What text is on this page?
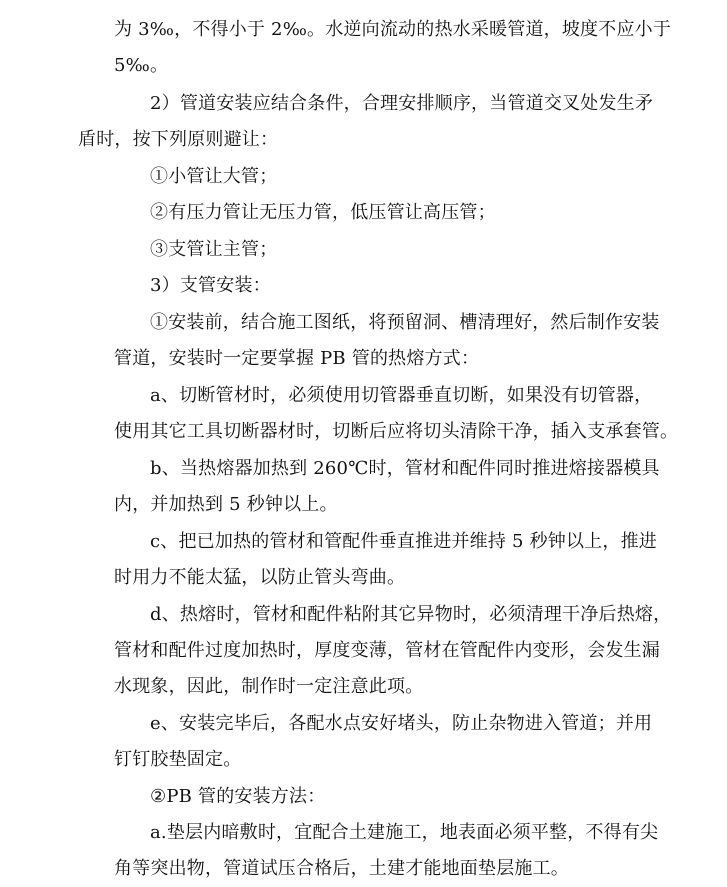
为 3‰，不得小于 2‰。水逆向流动的热水采暖管道，坡度不应小于
5‰。

2）管道安装应结合条件，合理安排顺序，当管道交叉处发生矛
盾时，按下列原则避让：

①小管让大管；

②有压力管让无压力管，低压管让高压管；

③支管让主管；

3）支管安装：

①安装前，结合施工图纸，将预留洞、槽清理好，然后制作安装
管道，安装时一定要掌握 PB 管的热熔方式：

a、切断管材时，必须使用切管器垂直切断，如果没有切管器，
使用其它工具切断器材时，切断后应将切头清除干净，插入支承套管。

b、当热熔器加热到 260℃时，管材和配件同时推进熔接器模具
内，并加热到 5 秒钟以上。

c、把已加热的管材和管配件垂直推进并维持 5 秒钟以上，推进
时用力不能太猛，以防止管头弯曲。

d、热熔时，管材和配件粘附其它异物时，必须清理干净后热熔，
管材和配件过度加热时，厚度变薄，管材在管配件内变形，会发生漏
水现象，因此，制作时一定注意此项。

e、安装完毕后，各配水点安好堵头，防止杂物进入管道；并用
钉钉胶垫固定。

②PB 管的安装方法：

a.垫层内暗敷时，宜配合土建施工，地表面必须平整，不得有尖
角等突出物，管道试压合格后，土建才能地面垫层施工。
